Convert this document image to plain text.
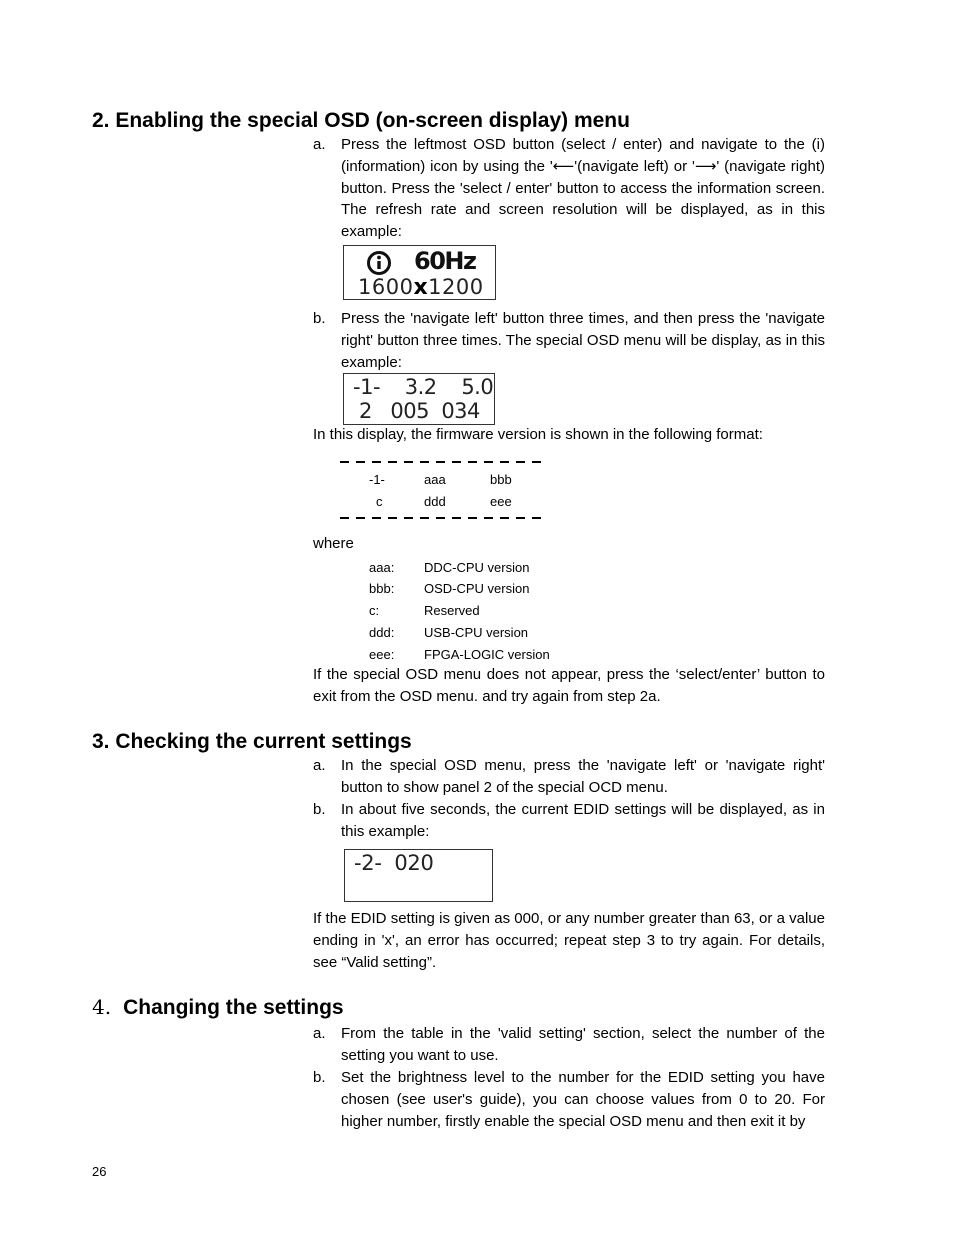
2. Enabling the special OSD (on-screen display) menu
a. Press the leftmost OSD button (select / enter) and navigate to the (i) (information) icon by using the '⟵'(navigate left) or '⟶' (navigate right) button. Press the 'select / enter' button to access the information screen. The refresh rate and screen resolution will be displayed, as in this example:

60Hz

1600x1200

b. Press the 'navigate left' button three times, and then press the 'navigate right' button three times. The special OSD menu will be display, as in this example:

-1-    3.2    5.0

2   005  034

In this display, the firmware version is shown in the following format:
-1-	aaa	bbb
c	ddd	eee
where
aaa: DDC-CPU version
bbb: OSD-CPU version
c:	Reserved
ddd: USB-CPU version
eee: FPGA-LOGIC version
If the special OSD menu does not appear, press the ‘select/enter’ button to exit from the OSD menu. and try again from step 2a.
3. Checking the current settings
a. In the special OSD menu, press the 'navigate left' or 'navigate right' button to show panel 2 of the special OCD menu.
b. In about five seconds, the current EDID settings will be displayed, as in this example:

-2-  020

If the EDID setting is given as 000, or any number greater than 63, or a value ending in 'x', an error has occurred; repeat step 3 to try again. For details, see “Valid setting”.
4. Changing the settings
a. From the table in the 'valid setting' section, select the number of the setting you want to use.
b. Set the brightness level to the number for the EDID setting you have chosen (see user's guide), you can choose values from 0 to 20. For higher number, firstly enable the special OSD menu and then exit it by
26
